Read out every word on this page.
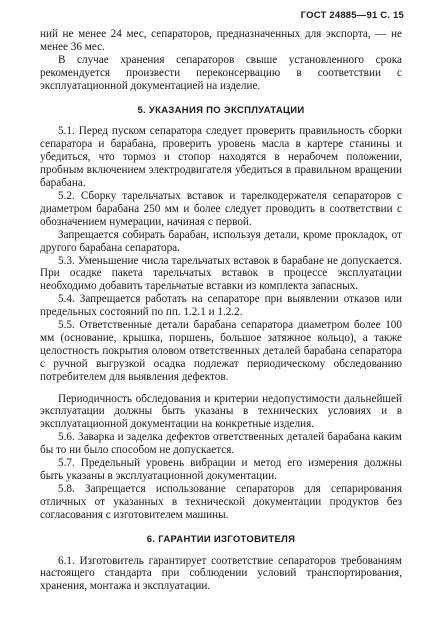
ГОСТ 24885—91 С. 15

ний не менее 24 мес, сепараторов, предназначенных для экспорта, — не менее 36 мес.

В случае хранения сепараторов свыше установленного срока рекомендуется произвести переконсервацию в соответствии с эксплуатационной документацией на изделие.

5. УКАЗАНИЯ ПО ЭКСПЛУАТАЦИИ

5.1. Перед пуском сепаратора следует проверить правильность сборки сепаратора и барабана, проверить уровень масла в картере станины и убедиться, что тормоз и стопор находятся в нерабочем положении, пробным включением электродвигателя убедиться в правильном вращении барабана.

5.2. Сборку тарельчатых вставок и тарелкодержателя сепараторов с диаметром барабана 250 мм и более следует проводить в соответствии с обозначением нумерации, начиная с первой.

Запрещается собирать барабан, используя детали, кроме прокладок, от другого барабана сепаратора.

5.3. Уменьшение числа тарельчатых вставок в барабане не допускается. При осадке пакета тарельчатых вставок в процессе эксплуатации необходимо добавить тарельчатые вставки из комплекта запасных.

5.4. Запрещается работать на сепараторе при выявлении отказов или предельных состояний по пп. 1.2.1 и 1.2.2.

5.5. Ответственные детали барабана сепаратора диаметром более 100 мм (основание, крышка, поршень, большое затяжное кольцо), а также целостность покрытия оловом ответственных деталей барабана сепаратора с ручной выгрузкой осадка подлежат периодическому обследованию потребителем для выявления дефектов.

Периодичность обследования и критерии недопустимости дальнейшей эксплуатации должны быть указаны в технических условиях и в эксплуатационной документации на конкретные изделия.

5.6. Заварка и заделка дефектов ответственных деталей барабана каким бы то ни было способом не допускается.

5.7. Предельный уровень вибрации и метод его измерения должны быть указаны в эксплуатационной документации.

5.8. Запрещается использование сепараторов для сепарирования отличных от указанных в технической документации продуктов без согласования с изготовителем машины.

6. ГАРАНТИИ ИЗГОТОВИТЕЛЯ

6.1. Изготовитель гарантирует соответствие сепараторов требованиям настоящего стандарта при соблюдении условий транспортирования, хранения, монтажа и эксплуатации.
